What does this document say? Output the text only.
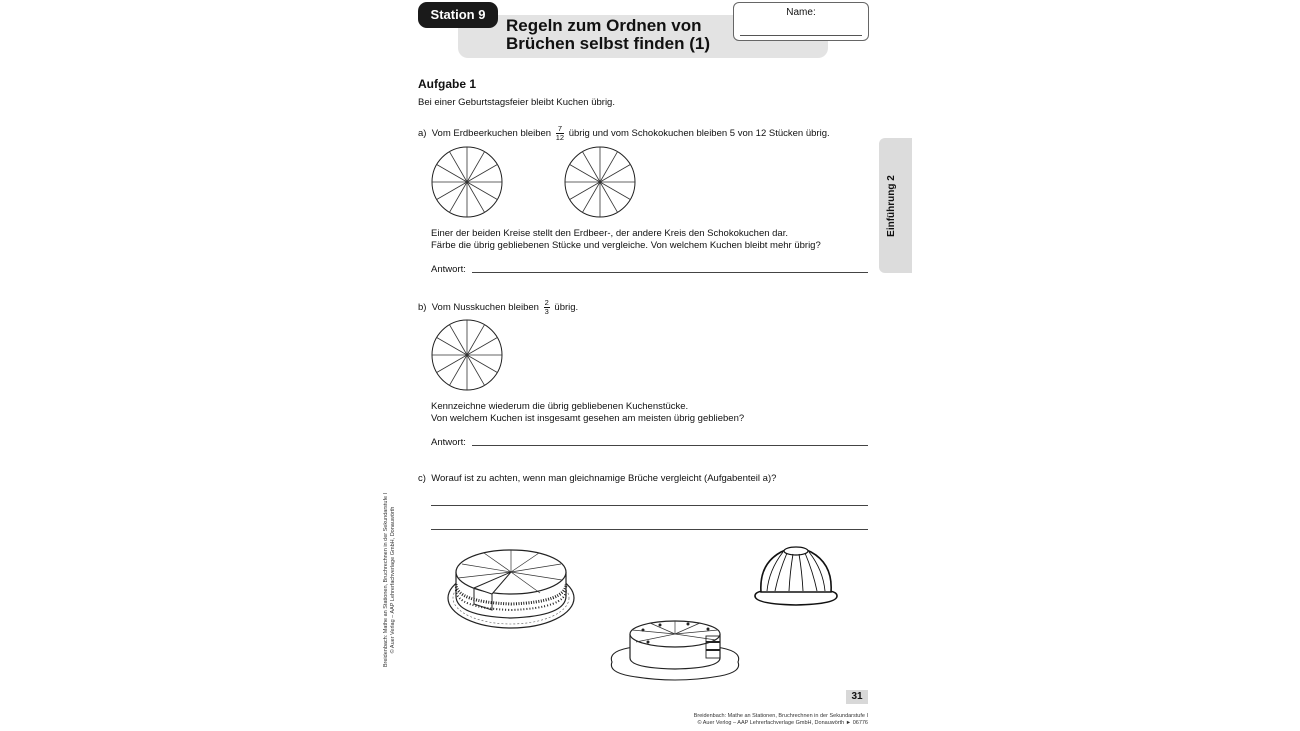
Station 9
Regeln zum Ordnen von
Brüchen selbst finden (1)
Name:
Einführung 2
Aufgabe 1
Bei einer Geburtstagsfeier bleibt Kuchen übrig.
a) Vom Erdbeerkuchen bleiben $\frac{7}{12}$ übrig und vom Schokokuchen bleiben 5 von 12 Stücken übrig.
Einer der beiden Kreise stellt den Erdbeer-, der andere Kreis den Schokokuchen dar.
Färbe die übrig gebliebenen Stücke und vergleiche. Von welchem Kuchen bleibt mehr übrig?
Antwort:
b) Vom Nusskuchen bleiben $\frac{2}{3}$ übrig.
Kennzeichne wiederum die übrig gebliebenen Kuchenstücke.
Von welchem Kuchen ist insgesamt gesehen am meisten übrig geblieben?
Antwort:
c) Worauf ist zu achten, wenn man gleichnamige Brüche vergleicht (Aufgabenteil a)?
Breidenbach: Mathe an Stationen, Bruchrechnen in der Sekundarstufe I © Auer Verlag – AAP Lehrerfachverlage GmbH, Donauwörth
31
Breidenbach: Mathe an Stationen, Bruchrechnen in der Sekundarstufe I
© Auer Verlog – AAP Lehrerfachverlage GmbH, Donauwörth ► 06776
